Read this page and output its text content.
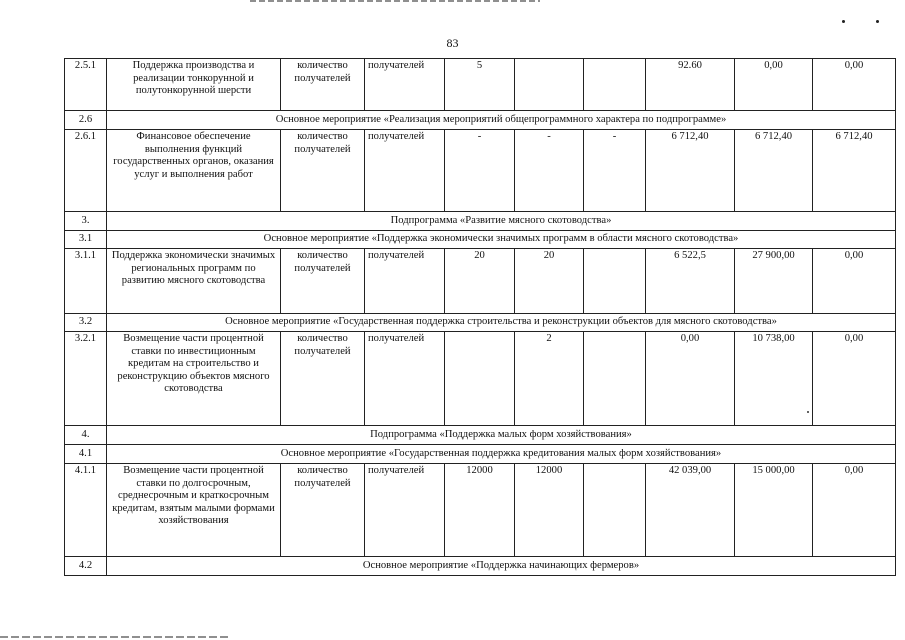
83
2.5.1	Поддержка производства и реализации тонкорунной и полутонкорунной шерсти	количество получателей	получателей	5			92.60	0,00	0,00
2.6	Основное мероприятие «Реализация мероприятий общепрограммного характера по подпрограмме»								
2.6.1	Финансовое обеспечение выполнения функций государственных органов, оказания услуг и выполнения работ	количество получателей	получателей	-	-	-	6 712,40	6 712,40	6 712,40
3.	Подпрограмма «Развитие мясного скотоводства»								
3.1	Основное мероприятие «Поддержка экономически значимых программ в области мясного скотоводства»								
3.1.1	Поддержка экономически значимых региональных программ по развитию мясного скотоводства	количество получателей	получателей	20	20		6 522,5	27 900,00	0,00
3.2	Основное мероприятие «Государственная поддержка строительства и реконструкции объектов для мясного скотоводства»								
3.2.1	Возмещение части процентной ставки по инвестиционным кредитам на строительство и реконструкцию объектов мясного скотоводства	количество получателей	получателей		2		0,00	10 738,00	0,00
4.	Подпрограмма «Поддержка малых форм хозяйствования»								
4.1	Основное мероприятие «Государственная поддержка кредитования малых форм хозяйствования»								
4.1.1	Возмещение части процентной ставки по долгосрочным, среднесрочным и краткосрочным кредитам, взятым малыми формами хозяйствования	количество получателей	получателей	12000	12000		42 039,00	15 000,00	0,00
4.2	Основное мероприятие «Поддержка начинающих фермеров»								
